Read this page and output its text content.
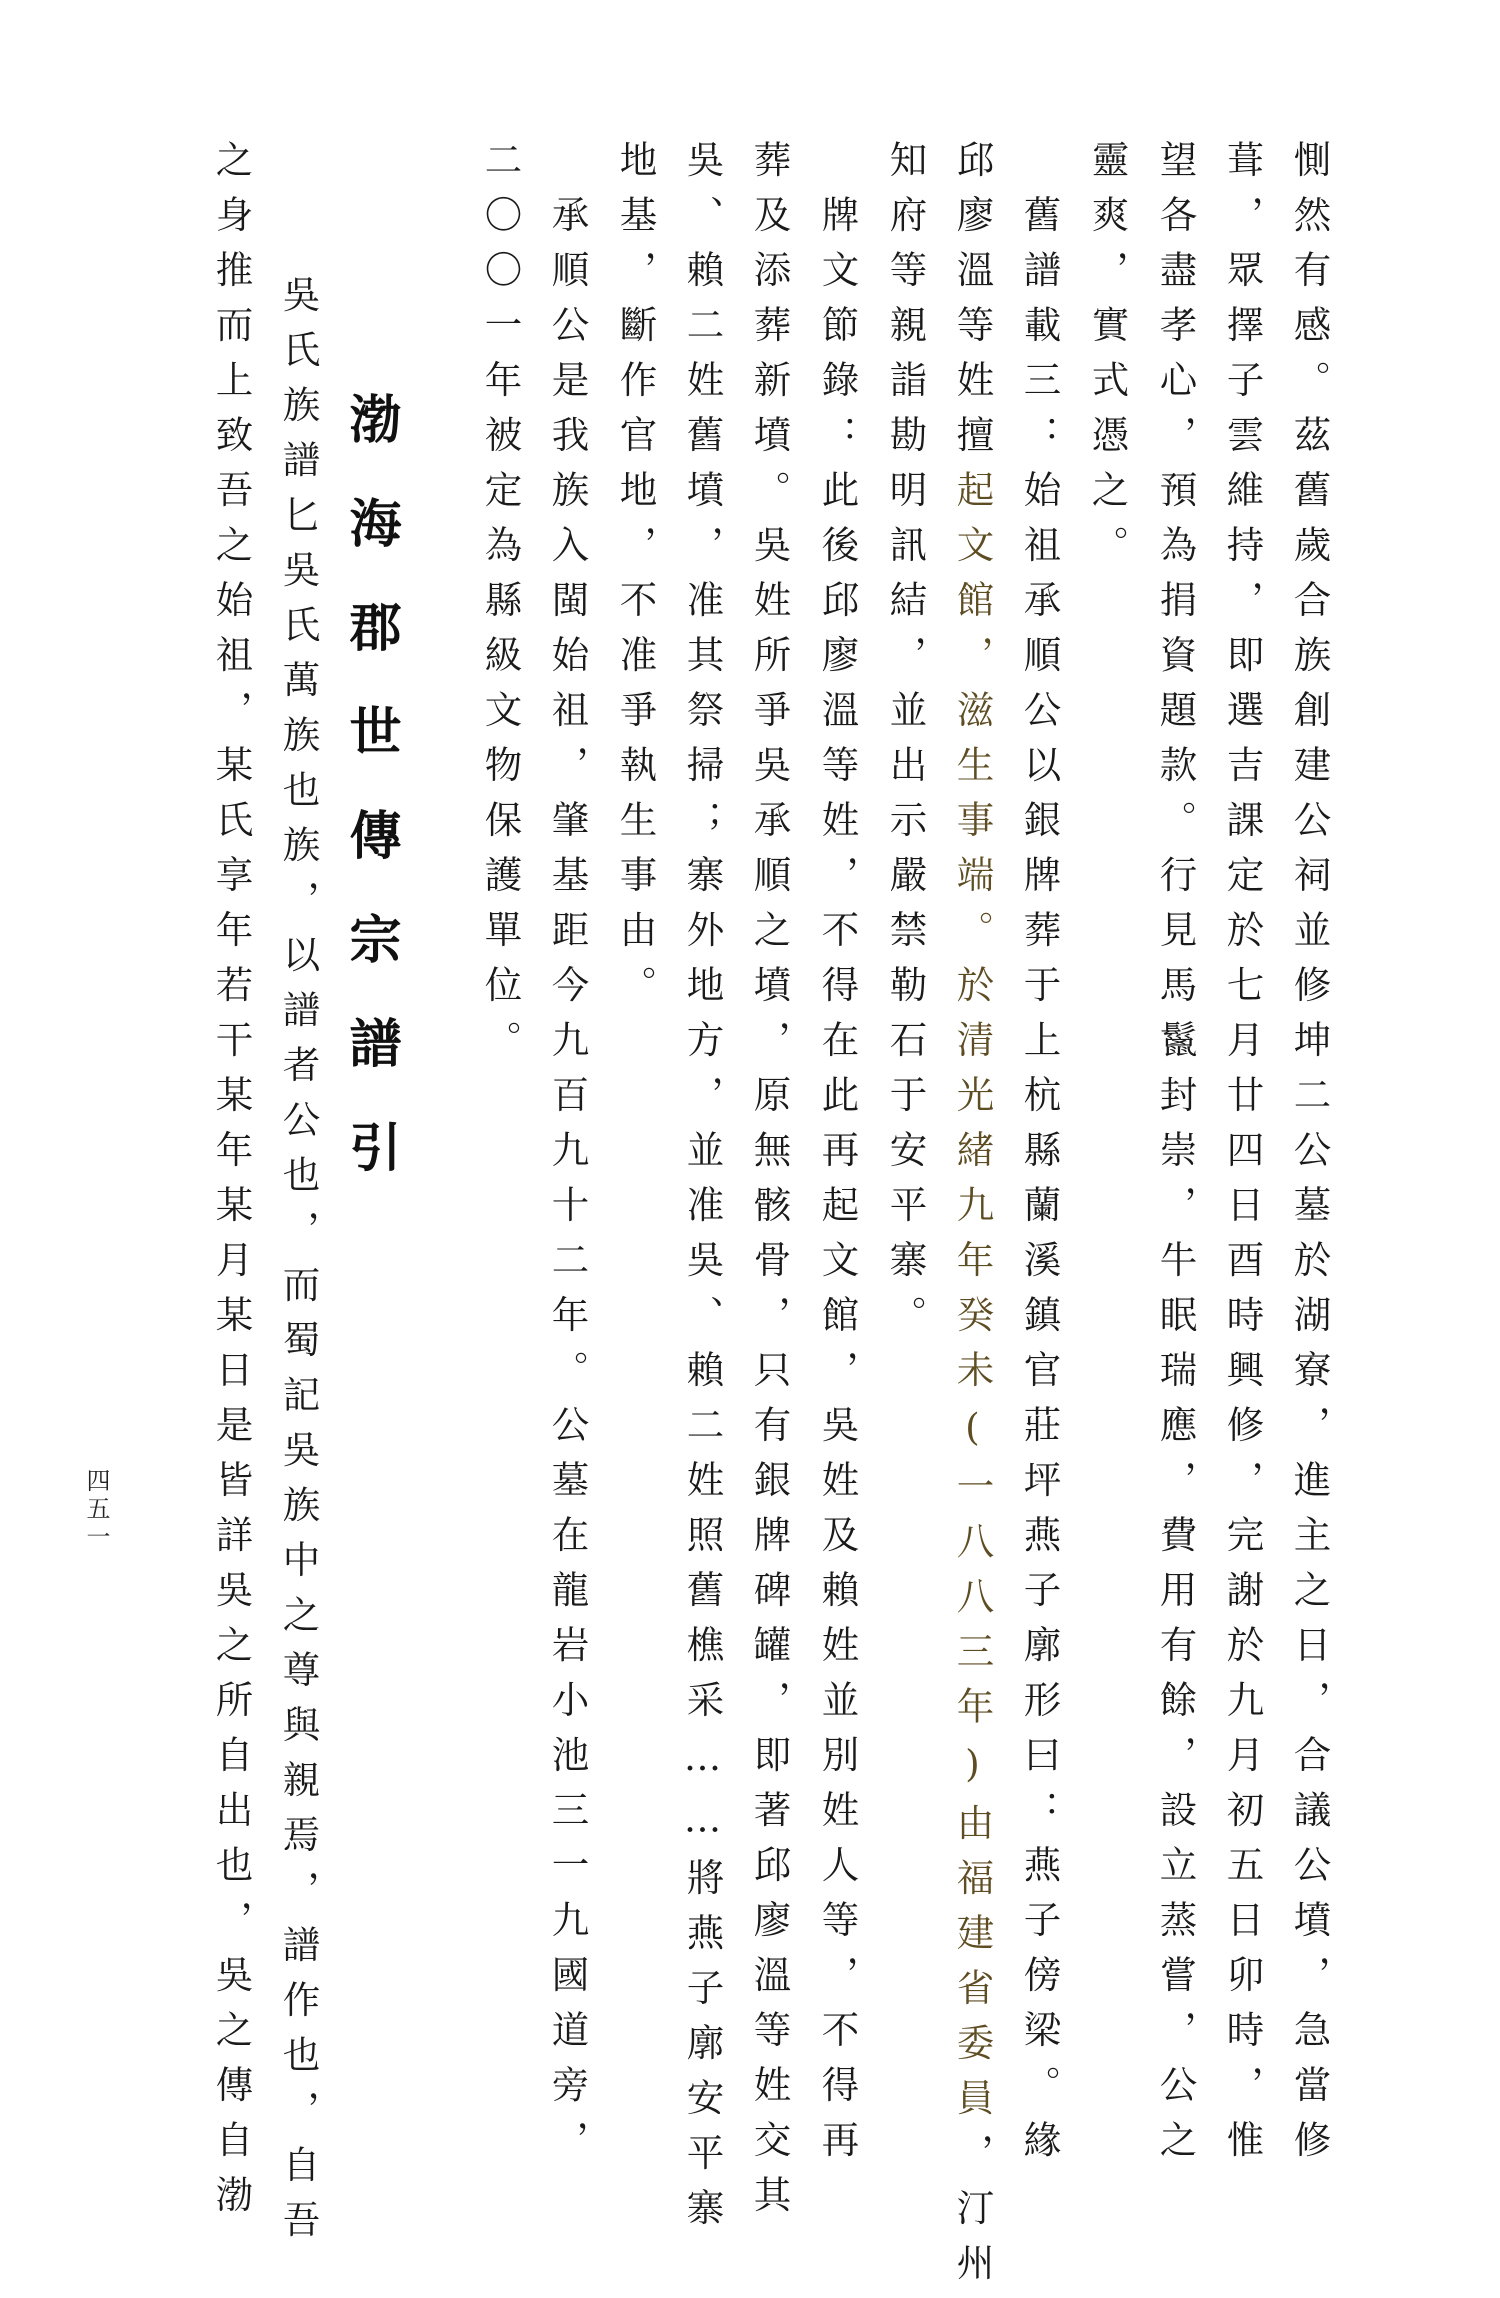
惻然有感。茲舊歲合族創建公祠並修坤二公墓於湖寮，進主之日，合議公墳，急當修

葺，眾擇子雲維持，即選吉課定於七月廿四日酉時興修，完謝於九月初五日卯時，惟

望各盡孝心，預為捐資題款。行見馬鬣封崇，牛眠瑞應，費用有餘，設立蒸嘗，公之

靈爽，實式憑之。

　舊譜載三：始祖承順公以銀牌葬于上杭縣蘭溪鎮官莊坪燕子廓形曰：燕子傍梁。緣

邱廖溫等姓擅起文館，滋生事端。於清光緒九年癸未(一八八三年)由福建省委員，汀州

知府等親詣勘明訊結，並出示嚴禁勒石于安平寨。

　牌文節錄：此後邱廖溫等姓，不得在此再起文館，吳姓及賴姓並別姓人等，不得再

葬及添葬新墳。吳姓所爭吳承順之墳，原無骸骨，只有銀牌碑罐，即著邱廖溫等姓交其

吳、賴二姓舊墳，准其祭掃；寨外地方，並准吳、賴二姓照舊樵采……將燕子廓安平寨

地基，斷作官地，不准爭執生事由。

　承順公是我族入閩始祖，肇基距今九百九十二年。公墓在龍岩小池三一九國道旁，

二〇〇一年被定為縣級文物保護單位。

渤海郡世傳宗譜引

　吳氏族譜匕吳氏萬族也族，以譜者公也，而蜀記吳族中之尊與親焉，譜作也，自吾

之身推而上致吾之始祖，某氏享年若干某年某月某日是皆詳吳之所自出也，吳之傳自渤

四五一
